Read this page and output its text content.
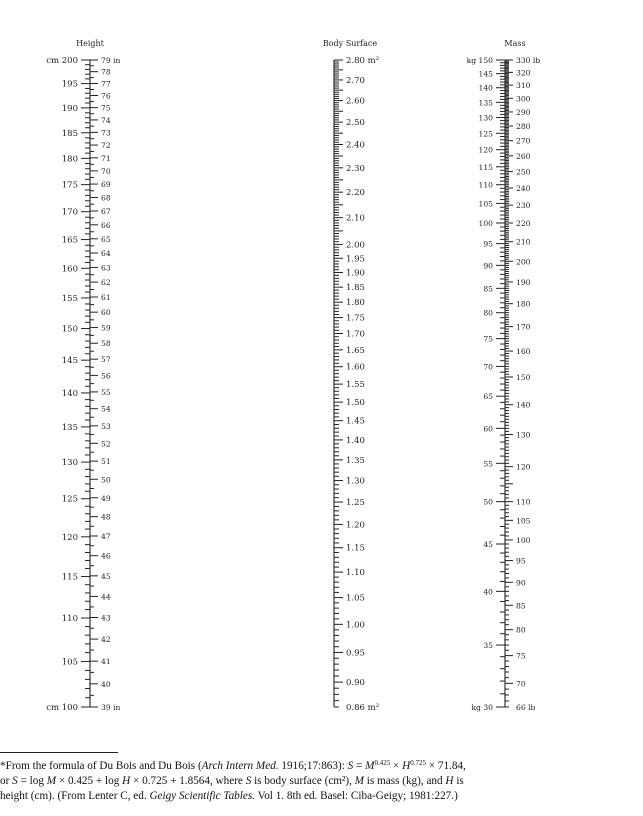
Height
cm 200
195
190
185
180
175
170
165
160
155
150
145
140
135
130
125
120
115
110
105
cm 100
79 in
78
77
76
75
74
73
72
71
70
69
68
67
66
65
64
63
62
61
60
59
58
57
56
55
54
53
52
51
50
49
48
47
46
45
44
43
42
41
40
39 in
Body Surface
2.80 m²
2.70
2.60
2.50
2.40
2.30
2.20
2.10
2.00
1.95
1.90
1.85
1.80
1.75
1.70
1.65
1.60
1.55
1.50
1.45
1.40
1.35
1.30
1.25
1.20
1.15
1.10
1.05
1.00
0.95
0.90
0.86 m²
Mass
kg 150
145
140
135
130
125
120
115
110
105
100
95
90
85
80
75
70
65
60
55
50
45
40
35
kg 30
330 lb
320
310
300
290
280
270
260
250
240
230
220
210
200
190
180
170
160
150
140
130
120
110
105
100
95
90
85
80
75
70
66 lb

*From the formula of Du Bois and Du Bois (Arch Intern Med. 1916;17:863): $S = M^{0.425} \times H^{0.725} \times 71.84$,

or S = log M × 0.425 + log H × 0.725 + 1.8564, where S is body surface (cm²), M is mass (kg), and H is

height (cm). (From Lenter C, ed. Geigy Scientific Tables. Vol 1. 8th ed. Basel: Ciba-Geigy; 1981:227.)
